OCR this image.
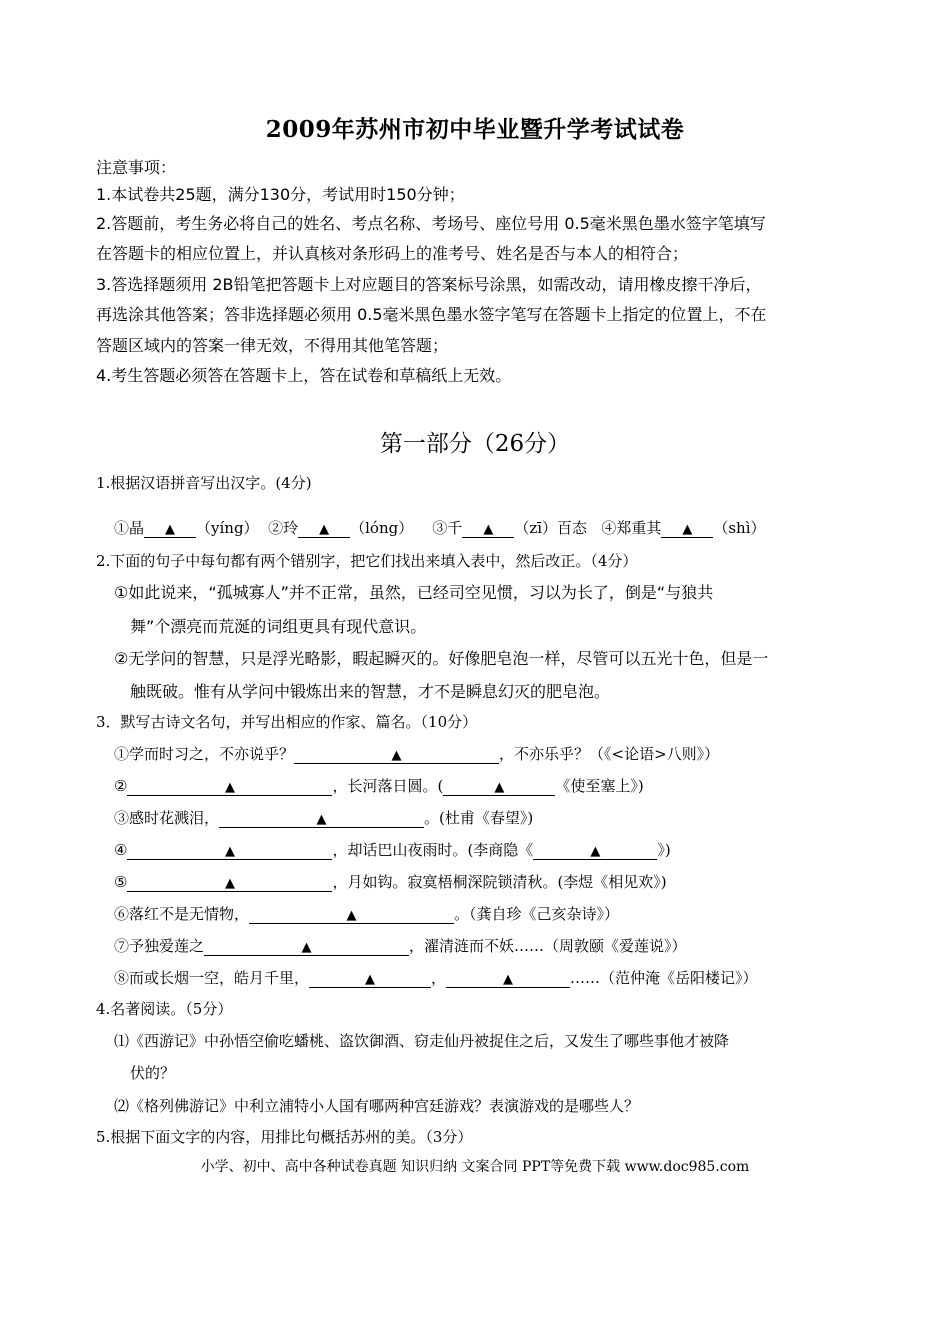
2009年苏州市初中毕业暨升学考试试卷
注意事项：
1.本试卷共25题，满分130分，考试用时150分钟；
2.答题前，考生务必将自己的姓名、考点名称、考场号、座位号用 0.5毫米黑色墨水签字笔填写
在答题卡的相应位置上，并认真核对条形码上的准考号、姓名是否与本人的相符合；
3.答选择题须用 2B铅笔把答题卡上对应题目的答案标号涂黑，如需改动，请用橡皮擦干净后，
再选涂其他答案；答非选择题必须用 0.5毫米黑色墨水签字笔写在答题卡上指定的位置上，不在
答题区域内的答案一律无效，不得用其他笔答题；
4.考生答题必须答在答题卡上，答在试卷和草稿纸上无效。
第一部分（26分）
1.根据汉语拼音写出汉字。(4分)
①晶 ▲ （yíng） ②玲 ▲ （lóng） ③千 ▲ （zī）百态 ④郑重其 ▲ （shì）
2.下面的句子中每句都有两个错别字，把它们找出来填入表中，然后改正。（4分）
①如此说来，“孤城寡人”并不正常，虽然，已经司空见惯，习以为长了，倒是“与狼共
舞”个漂亮而荒涎的词组更具有现代意识。
②无学问的智慧，只是浮光略影，睱起瞬灭的。好像肥皂泡一样，尽管可以五光十色，但是一
触既破。惟有从学问中锻炼出来的智慧，才不是瞬息幻灭的肥皂泡。
3．默写古诗文名句，并写出相应的作家、篇名。（10分）
①学而时习之，不亦说乎？	▲	，不亦乐乎？（《<论语>八则》）
②	▲	，长河落日圆。(	▲	《使至塞上》)
③感时花溅泪，	▲	。(杜甫《春望》)
④	▲	，却话巴山夜雨时。(李商隐《	▲	》)
⑤	▲	，月如钩。寂寞梧桐深院锁清秋。(李煜《相见欢》)
⑥落红不是无情物，	▲	。（龚自珍《己亥杂诗》）
⑦予独爱莲之	▲	，濯清涟而不妖……（周敦颐《爱莲说》）
⑧而或长烟一空，皓月千里，	▲	，	▲	……（范仲淹《岳阳楼记》）
4.名著阅读。（5分）
⑴《西游记》中孙悟空偷吃蟠桃、盗饮御酒、窃走仙丹被捉住之后，又发生了哪些事他才被降
伏的？
⑵《格列佛游记》中利立浦特小人国有哪两种宫廷游戏？表演游戏的是哪些人？
5.根据下面文字的内容，用排比句概括苏州的美。（3分）
小学、初中、高中各种试卷真题 知识归纳 文案合同 PPT等免费下载 www.doc985.com
